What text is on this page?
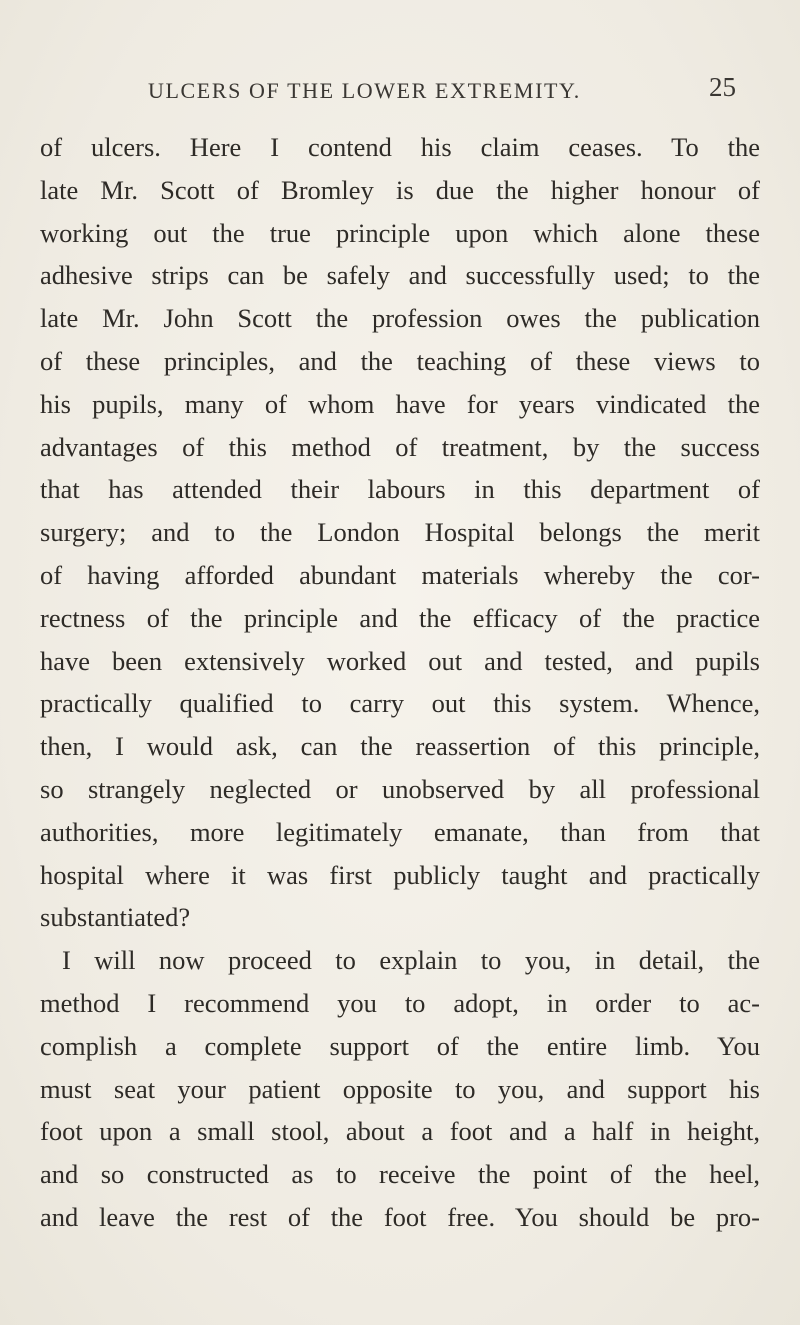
ULCERS OF THE LOWER EXTREMITY.	25
of ulcers. Here I contend his claim ceases. To the
late Mr. Scott of Bromley is due the higher honour of
working out the true principle upon which alone these
adhesive strips can be safely and successfully used; to the
late Mr. John Scott the profession owes the publication
of these principles, and the teaching of these views to
his pupils, many of whom have for years vindicated the
advantages of this method of treatment, by the success
that has attended their labours in this department of
surgery; and to the London Hospital belongs the merit
of having afforded abundant materials whereby the cor-
rectness of the principle and the efficacy of the practice
have been extensively worked out and tested, and pupils
practically qualified to carry out this system. Whence,
then, I would ask, can the reassertion of this principle,
so strangely neglected or unobserved by all professional
authorities, more legitimately emanate, than from that
hospital where it was first publicly taught and practically
substantiated?
I will now proceed to explain to you, in detail, the
method I recommend you to adopt, in order to ac-
complish a complete support of the entire limb. You
must seat your patient opposite to you, and support his
foot upon a small stool, about a foot and a half in height,
and so constructed as to receive the point of the heel,
and leave the rest of the foot free. You should be pro-
